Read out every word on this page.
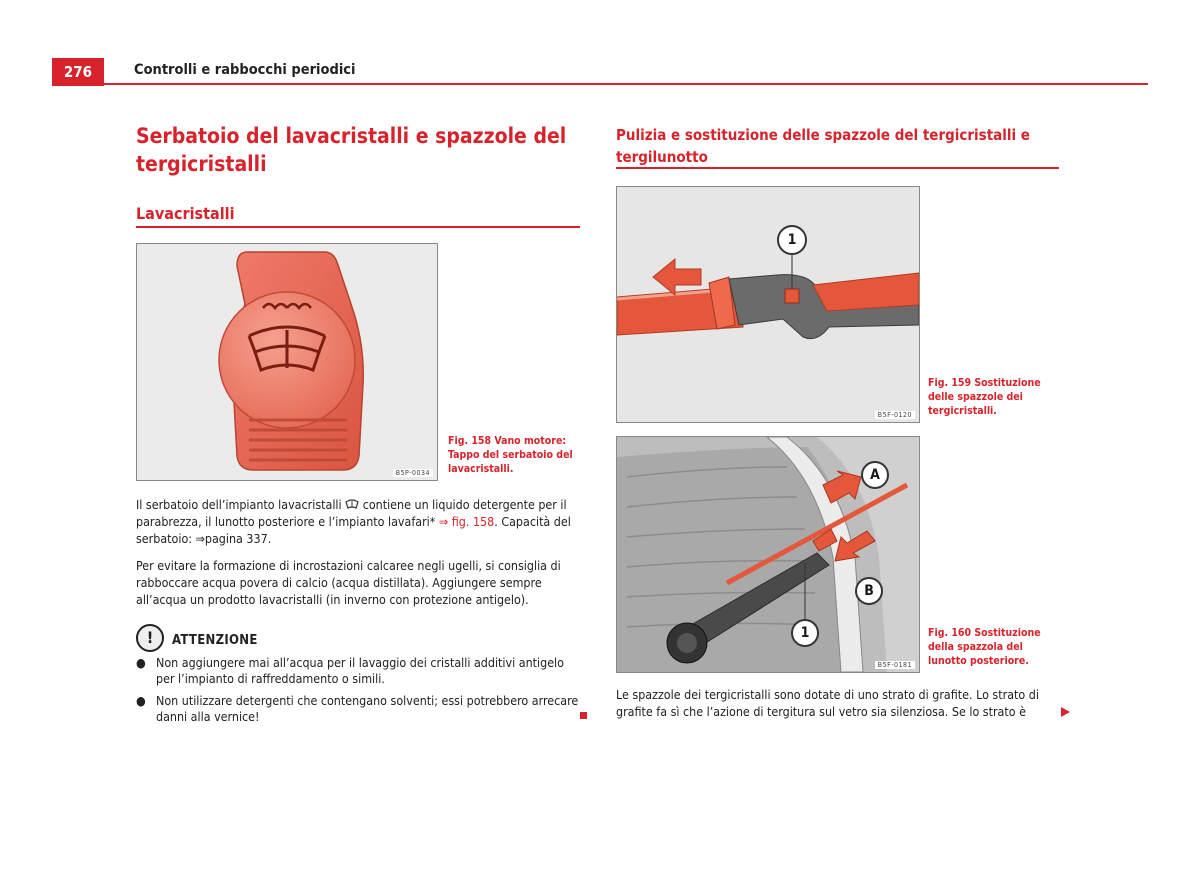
276	Controlli e rabbocchi periodici
Serbatoio del lavacristalli e spazzole del tergicristalli
Lavacristalli
B5P-0034
Fig. 158 Vano motore: Tappo del serbatoio del lavacristalli.
Il serbatoio dell’impianto lavacristalli  contiene un liquido detergente per il parabrezza, il lunotto posteriore e l’impianto lavafari* ⇒ fig. 158. Capacità del serbatoio: ⇒pagina 337.
Per evitare la formazione di incrostazioni calcaree negli ugelli, si consiglia di rabboccare acqua povera di calcio (acqua distillata). Aggiungere sempre all’acqua un prodotto lavacristalli (in inverno con protezione antigelo).
!	ATTENZIONE
● Non aggiungere mai all’acqua per il lavaggio dei cristalli additivi antigelo per l’impianto di raffreddamento o simili.
● Non utilizzare detergenti che contengano solventi; essi potrebbero arrecare danni alla vernice!
Pulizia e sostituzione delle spazzole del tergicristalli e tergilunotto
1
B5F-0120
Fig. 159 Sostituzione delle spazzole dei tergicristalli.
A
B
1
B5F-0181
Fig. 160 Sostituzione della spazzola del lunotto posteriore.
Le spazzole dei tergicristalli sono dotate di uno strato di grafite. Lo strato di grafite fa sì che l’azione di tergitura sul vetro sia silenziosa. Se lo strato è
